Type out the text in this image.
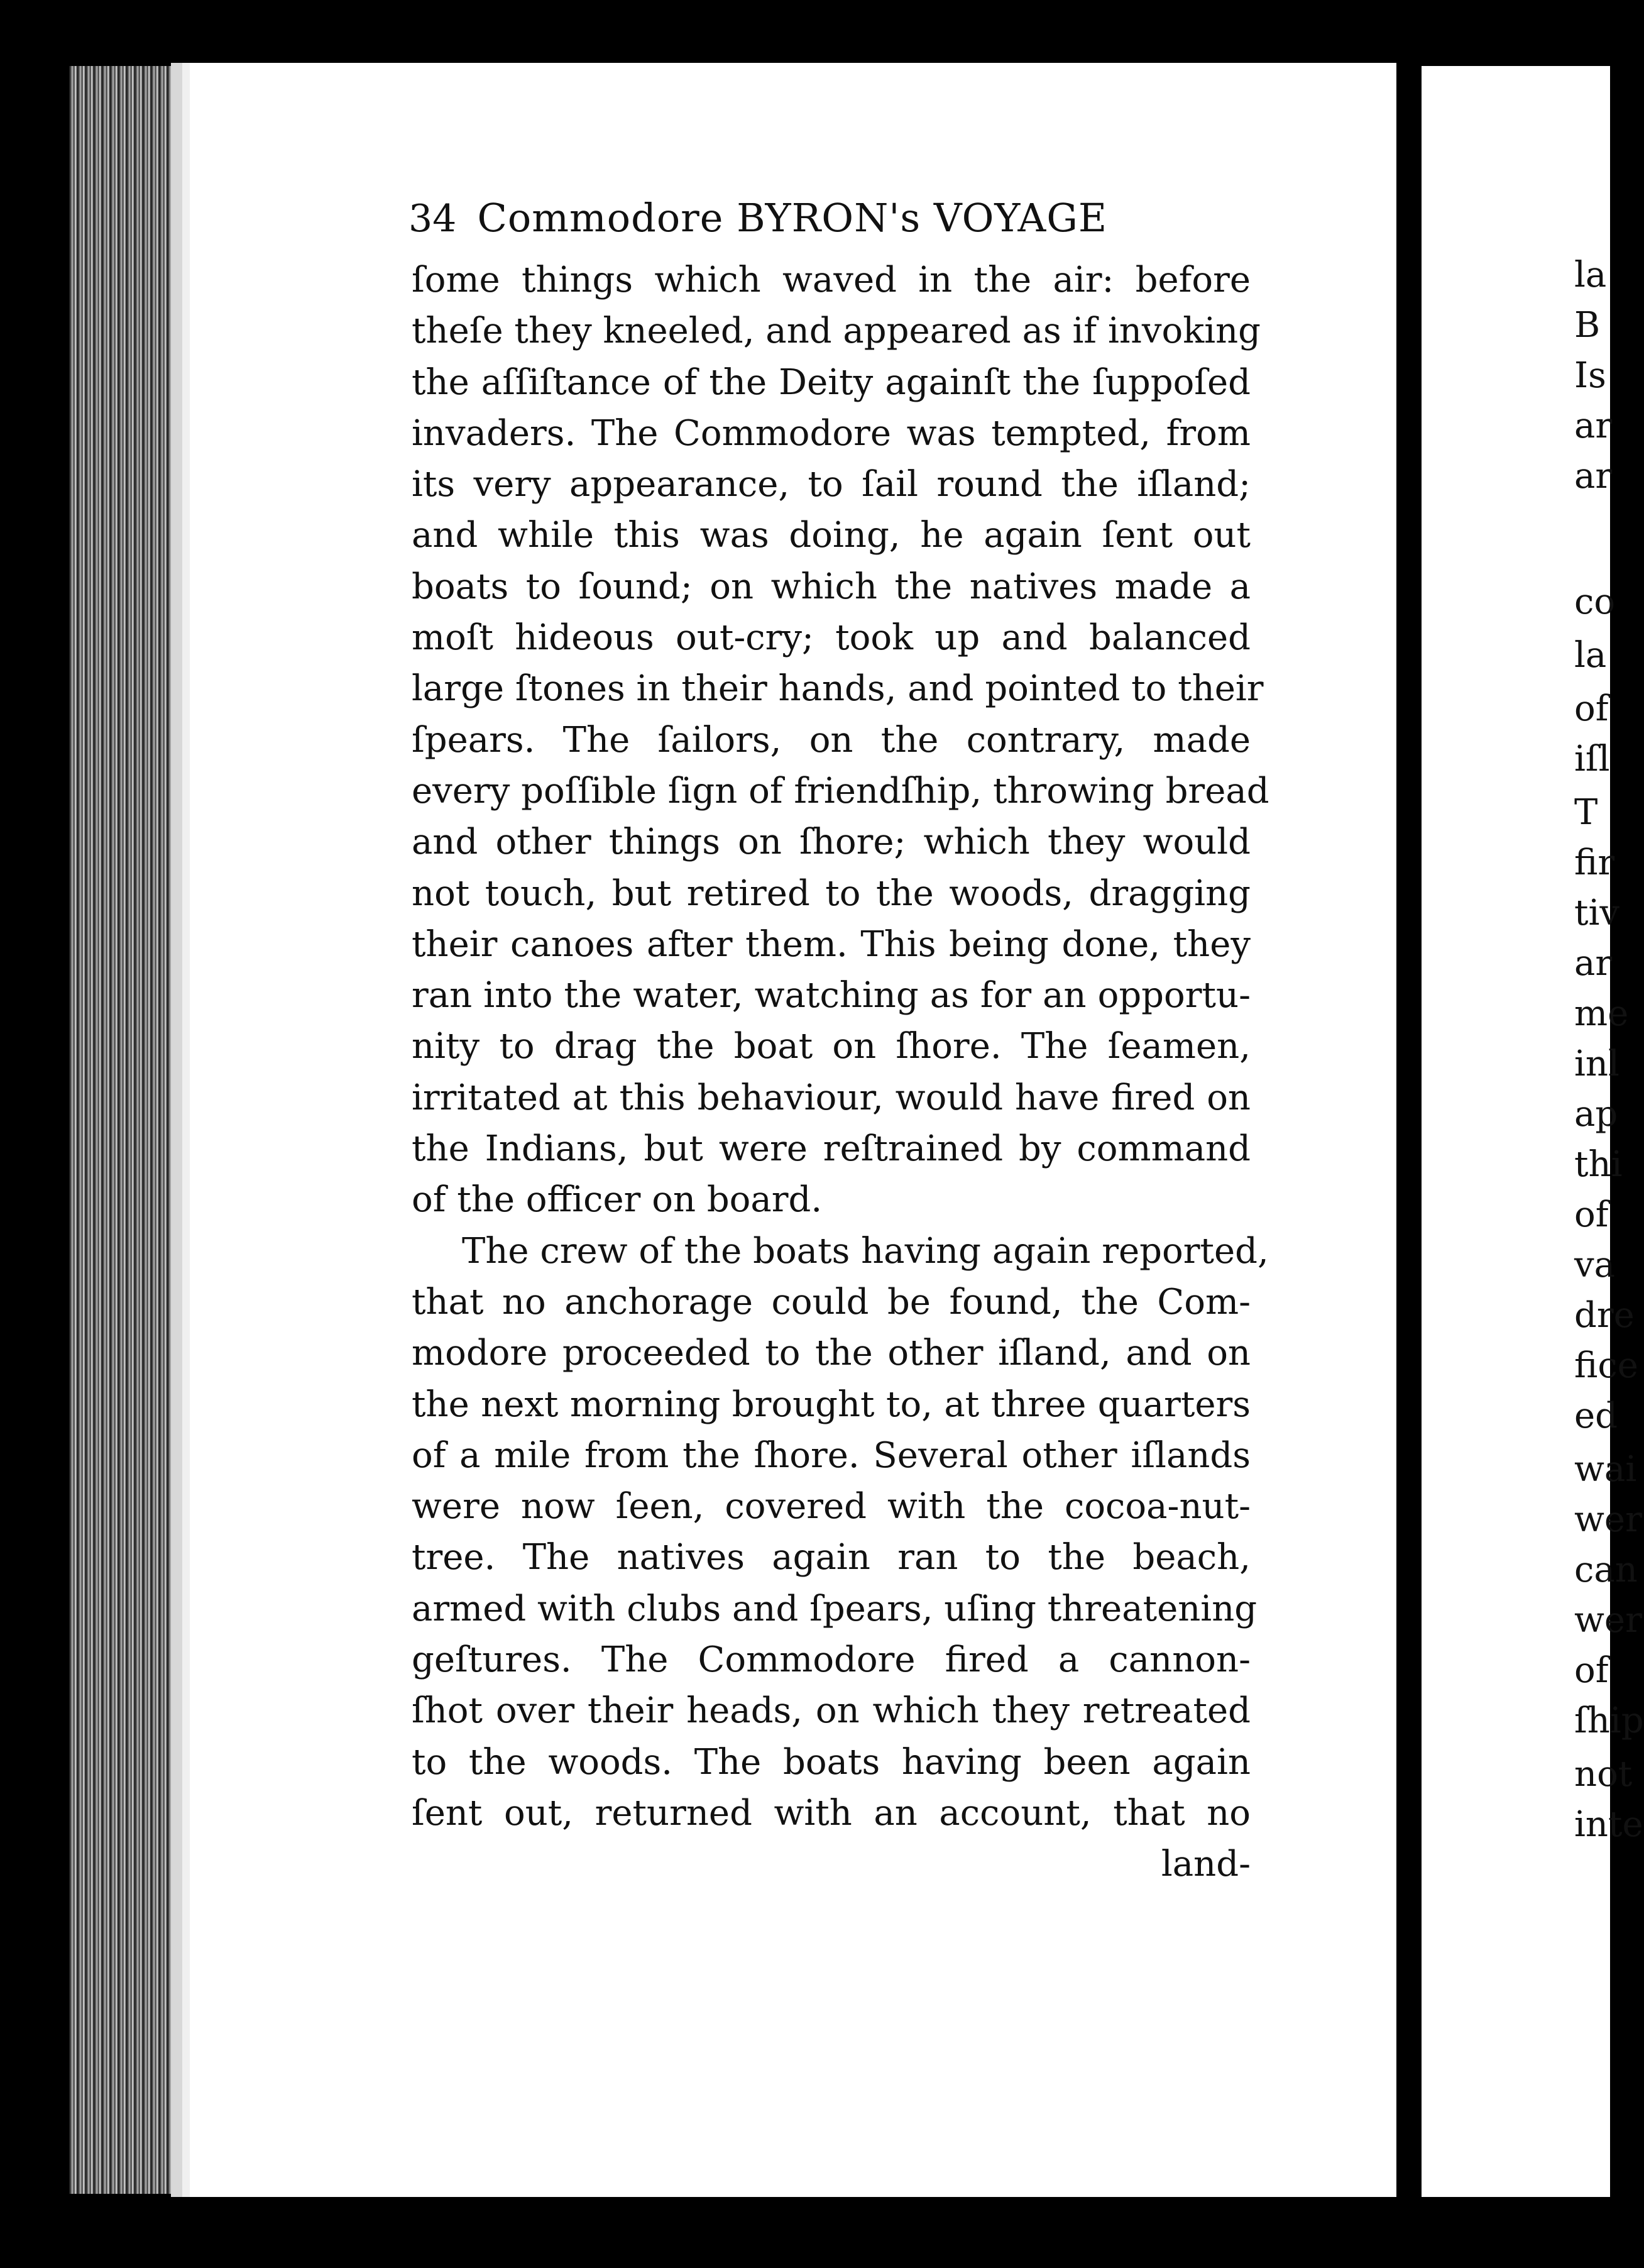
34 Commodore BYRON's VOYAGE
ſome things which waved in the air: before
theſe they kneeled, and appeared as if invoking
the aſſiſtance of the Deity againſt the ſuppoſed
invaders. The Commodore was tempted, from
its very appearance, to ſail round the iſland;
and while this was doing, he again ſent out
boats to ſound; on which the natives made a
moſt hideous out-cry; took up and balanced
large ſtones in their hands, and pointed to their
ſpears. The ſailors, on the contrary, made
every poſſible ſign of friendſhip, throwing bread
and other things on ſhore; which they would
not touch, but retired to the woods, dragging
their canoes after them. This being done, they
ran into the water, watching as for an opportu-
nity to drag the boat on ſhore. The ſeamen,
irritated at this behaviour, would have fired on
the Indians, but were reſtrained by command
of the officer on board.
The crew of the boats having again reported,
that no anchorage could be found, the Com-
modore proceeded to the other iſland, and on
the next morning brought to, at three quarters
of a mile from the ſhore. Several other iſlands
were now ſeen, covered with the cocoa-nut-
tree. The natives again ran to the beach,
armed with clubs and ſpears, uſing threatening
geſtures. The Commodore fired a cannon-
ſhot over their heads, on which they retreated
to the woods. The boats having been again
ſent out, returned with an account, that no
land-
la
B
Is
ar
ar
co
la
of
iſl
T
fir
tiv
ar
me
inl
ap
thi
of
va
dre
fice
ed
wai
wer
can
wer
of
ſhip
not
inte
